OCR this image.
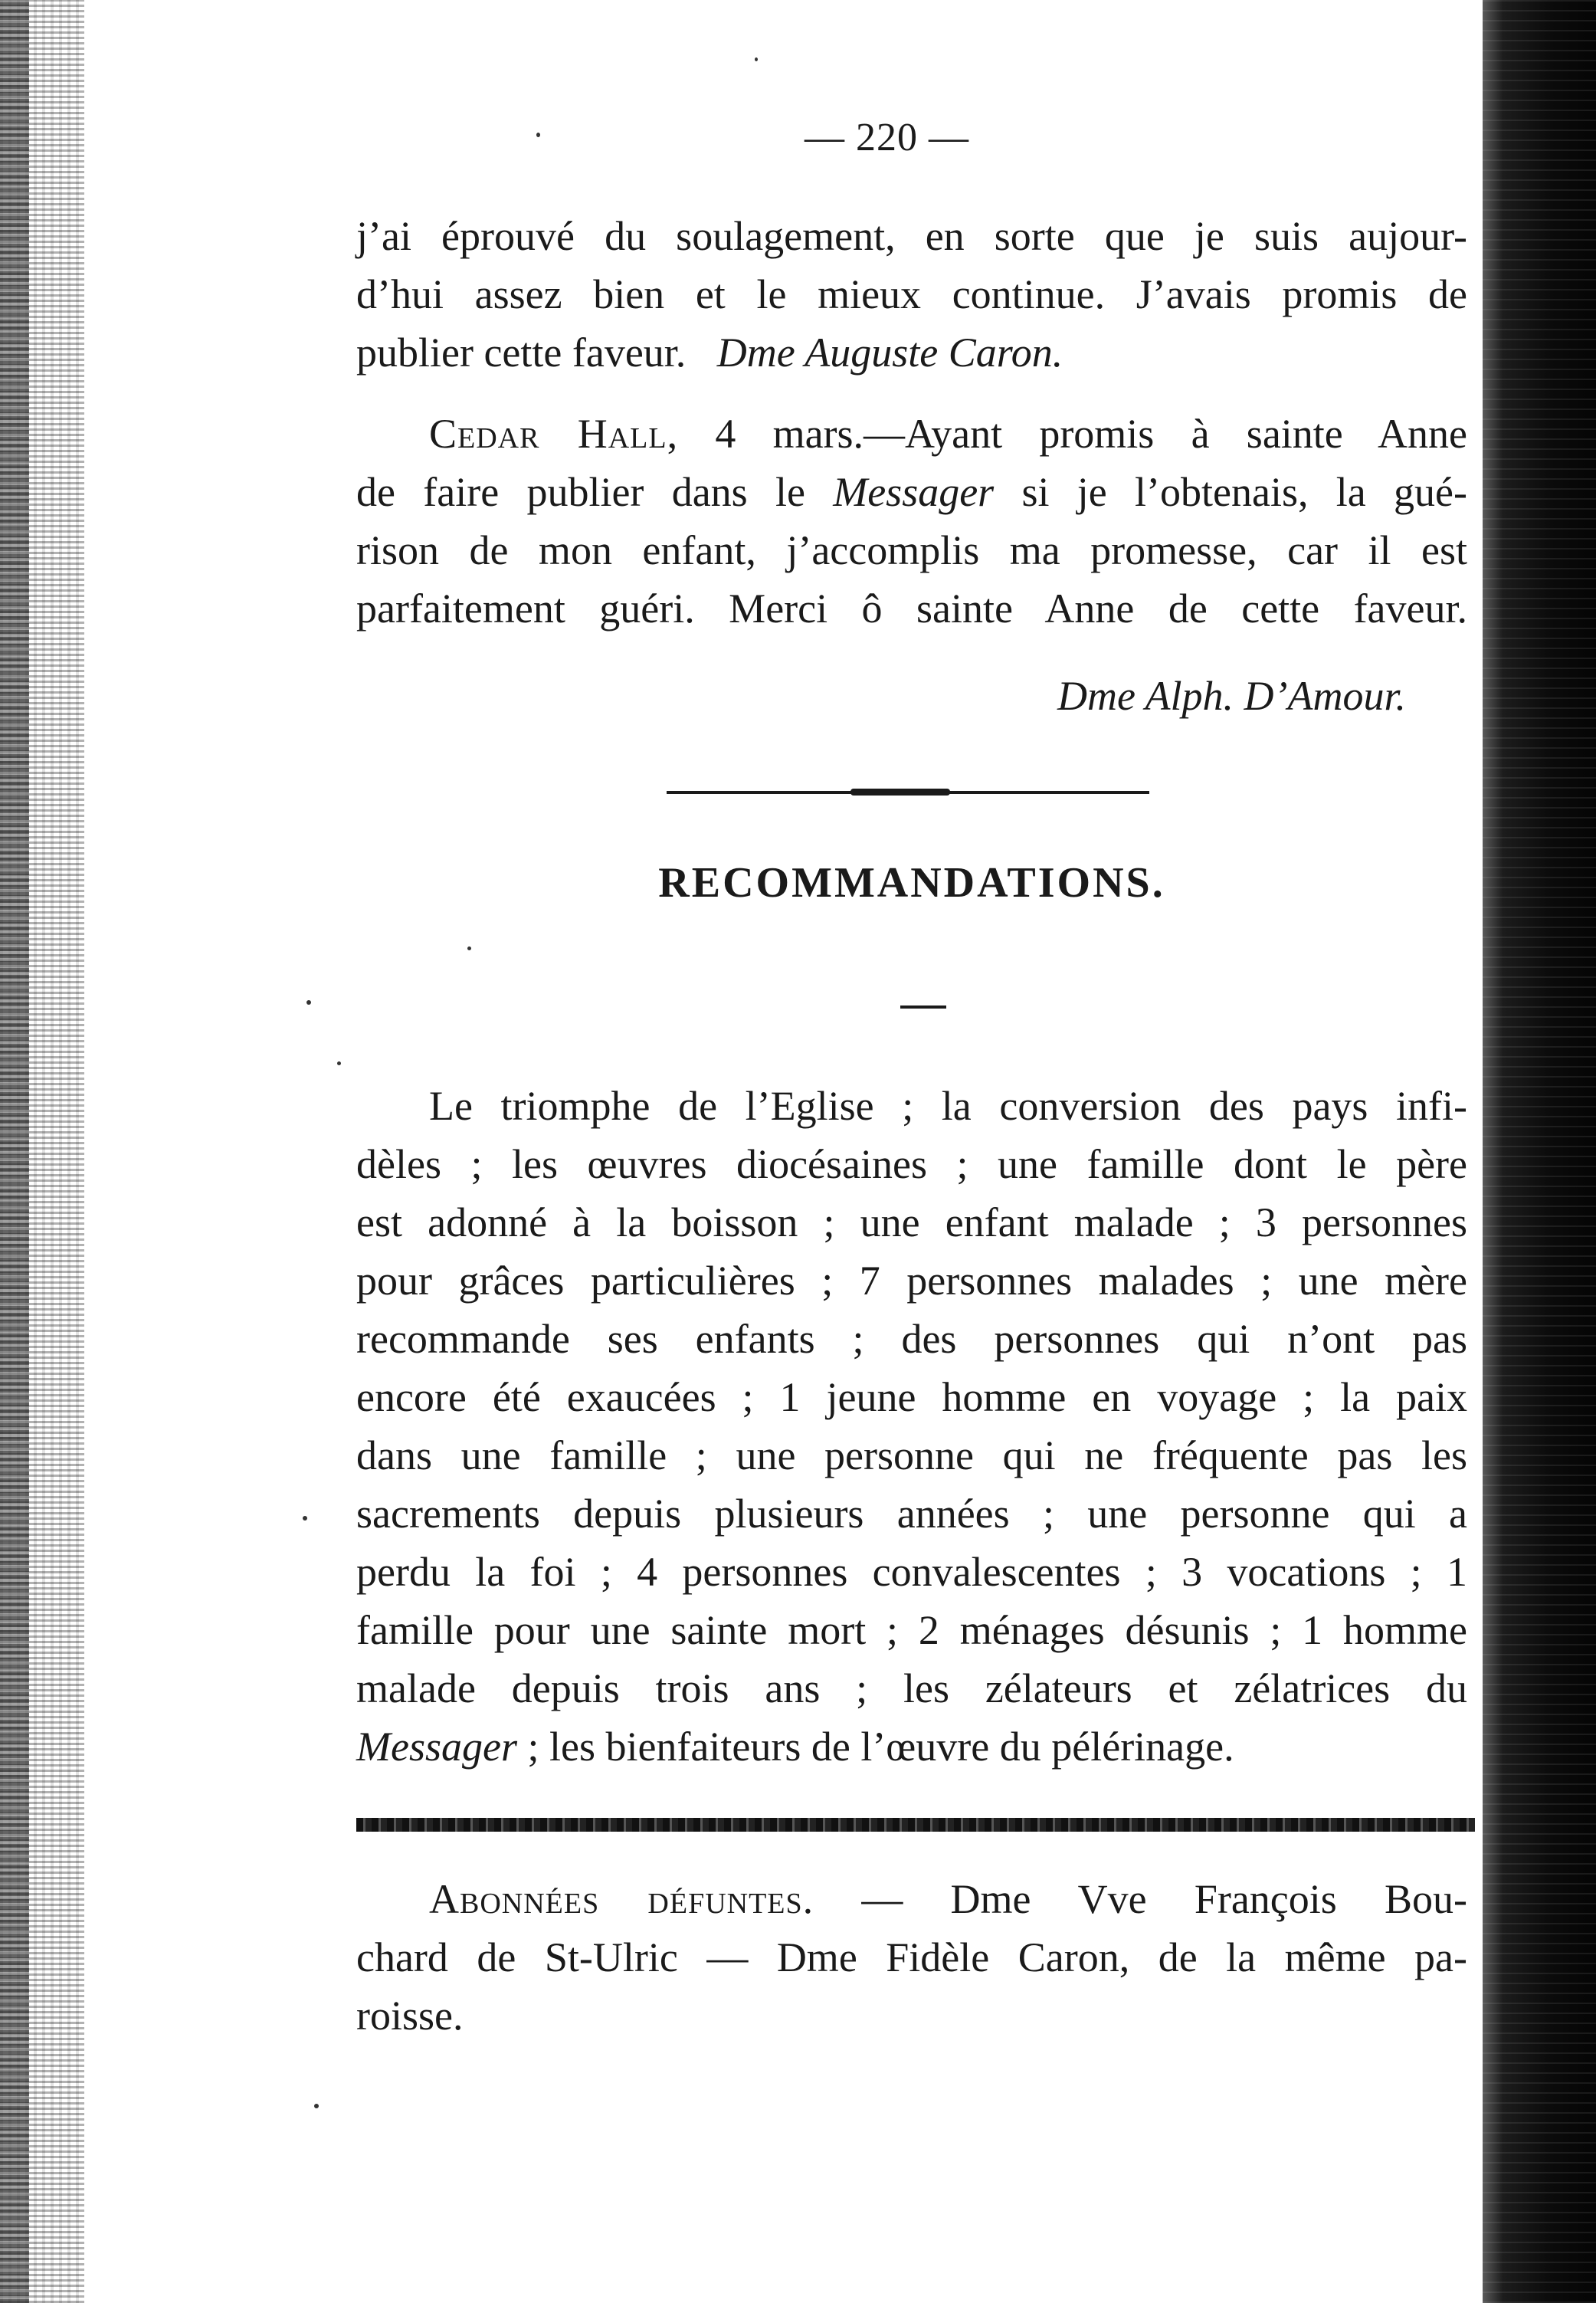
— 220 —
j’ai éprouvé du soulagement, en sorte que je suis aujour-
d’hui assez bien et le mieux continue. J’avais promis de
publier cette faveur. Dme Auguste Caron.
Cedar Hall, 4 mars.—Ayant promis à sainte Anne
de faire publier dans le Messager si je l’obtenais, la gué-
rison de mon enfant, j’accomplis ma promesse, car il est
parfaitement guéri. Merci ô sainte Anne de cette faveur.
Dme Alph. D’Amour.
RECOMMANDATIONS.
Le triomphe de l’Eglise ; la conversion des pays infi-
dèles ; les œuvres diocésaines ; une famille dont le père
est adonné à la boisson ; une enfant malade ; 3 personnes
pour grâces particulières ; 7 personnes malades ; une mère
recommande ses enfants ; des personnes qui n’ont pas
encore été exaucées ; 1 jeune homme en voyage ; la paix
dans une famille ; une personne qui ne fréquente pas les
sacrements depuis plusieurs années ; une personne qui a
perdu la foi ; 4 personnes convalescentes ; 3 vocations ; 1
famille pour une sainte mort ; 2 ménages désunis ; 1 homme
malade depuis trois ans ; les zélateurs et zélatrices du
Messager ; les bienfaiteurs de l’œuvre du pélérinage.
Abonnées défuntes. — Dme Vve François Bou-
chard de St-Ulric — Dme Fidèle Caron, de la même pa-
roisse.
